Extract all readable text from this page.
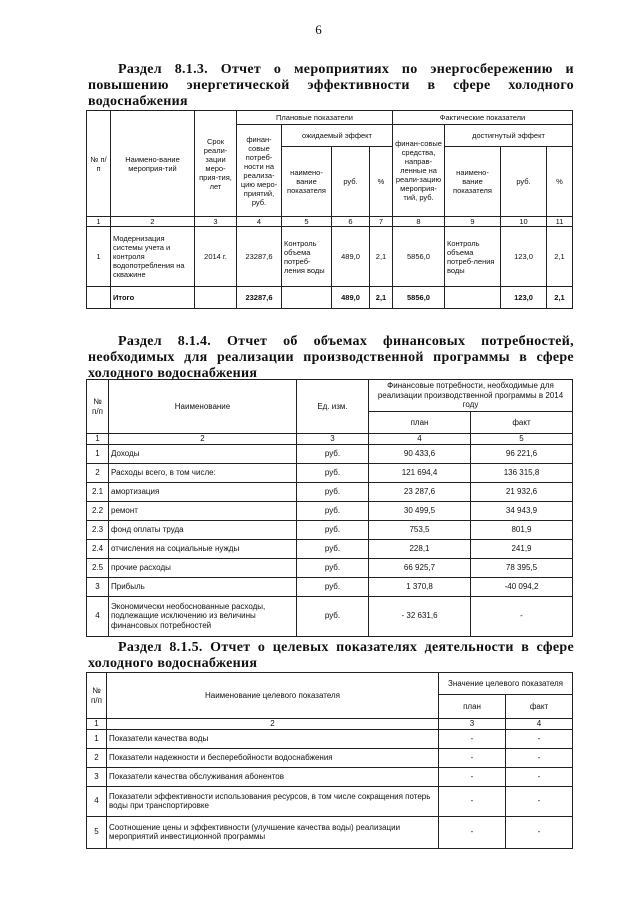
6
Раздел 8.1.3. Отчет о мероприятиях по энергосбережению и
повышению энергетической эффективности в сфере холодного
водоснабжения
№ п/п	Наимено-вание мероприя-тий	Срок реали-зации меро-прия-тия, лет	Плановые показатели				Фактические показатели			
			финан-совые потреб-ности на реализа-цию меро-приятий, руб.	ожидаемый эффект			финан-совые средства, направ-ленные на реали-зацию мероприя-тий, руб.	достигнутый эффект		
				наимено-вание показателя	руб.	%		наимено-вание показателя	руб.	%
1	2	3	4	5	6	7	8	9	10	11
1	Модернизация системы учета и контроля водопотребления на скважине	2014 г.	23287,6	Контроль объема потреб-ления воды	489,0	2,1	5856,0	Контроль объема потреб-ления воды	123,0	2,1
	Итого		23287,6		489,0	2,1	5856,0		123,0	2,1
Раздел 8.1.4. Отчет об объемах финансовых потребностей,
необходимых для реализации производственной программы в сфере
холодного водоснабжения
№ п/п	Наименование	Ед. изм.	Финансовые потребности, необходимые для реализации производственной программы в 2014 году	
			план	факт
1	2	3	4	5
1	Доходы	руб.	90 433,6	96 221,6
2	Расходы всего, в том числе:	руб.	121 694,4	136 315,8
2.1	амортизация	руб.	23 287,6	21 932,6
2.2	ремонт	руб.	30 499,5	34 943,9
2.3	фонд оплаты труда	руб.	753,5	801,9
2.4	отчисления на социальные нужды	руб.	228,1	241,9
2.5	прочие расходы	руб.	66 925,7	78 395,5
3	Прибыль	руб.	1 370,8	-40 094,2
4	Экономически необоснованные расходы, подлежащие исключению из величины финансовых потребностей	руб.	- 32 631,6	-
Раздел 8.1.5. Отчет о целевых показателях деятельности в сфере
холодного водоснабжения
№ п/п	Наименование целевого показателя	Значение целевого показателя	
		план	факт
1	2	3	4
1	Показатели качества воды	-	-
2	Показатели надежности и бесперебойности водоснабжения	-	-
3	Показатели качества обслуживания абонентов	-	-
4	Показатели эффективности использования ресурсов, в том числе сокращения потерь воды при транспортировке	-	-
5	Соотношение цены и эффективности (улучшение качества воды) реализации мероприятий инвестиционной программы	-	-
